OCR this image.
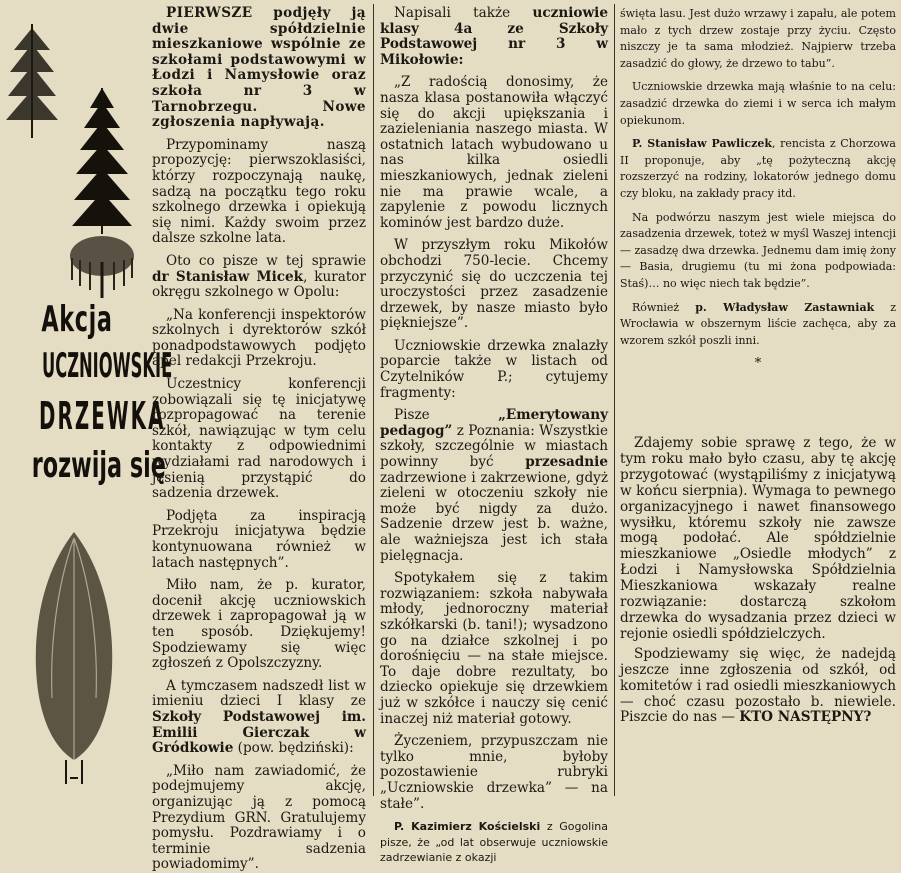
Akcja
UCZNIOWSKIE
DRZEWKA
rozwija się

PIERWSZE podjęły ją dwie spółdzielnie mieszkaniowe wspólnie ze szkołami podstawowymi w Łodzi i Namysłowie oraz szkoła nr 3 w Tarnobrzegu. Nowe zgłoszenia napływają.

Przypominamy naszą propozycję: pierwszoklasiści, którzy rozpoczynają naukę, sadzą na początku tego roku szkolnego drzewka i opiekują się nimi. Każdy swoim przez dalsze szkolne lata.

Oto co pisze w tej sprawie dr Stanisław Micek, kurator okręgu szkolnego w Opolu:

„Na konferencji inspektorów szkolnych i dyrektorów szkół ponadpodstawowych podjęto apel redakcji Przekroju.

Uczestnicy konferencji zobowiązali się tę inicjatywę rozpropagować na terenie szkół, nawiązując w tym celu kontakty z odpowiednimi wydziałami rad narodowych i jesienią przystąpić do sadzenia drzewek.

Podjęta za inspiracją Przekroju inicjatywa będzie kontynuowana również w latach następnych”.

Miło nam, że p. kurator, docenił akcję uczniowskich drzewek i zapropagował ją w ten sposób. Dziękujemy! Spodziewamy się więc zgłoszeń z Opolszczyzny.

A tymczasem nadszedł list w imieniu dzieci I klasy ze Szkoły Podstawowej im. Emilii Gierczak w Gródkowie (pow. będziński):

„Miło nam zawiadomić, że podejmujemy akcję, organizując ją z pomocą Prezydium GRN. Gratulujemy pomysłu. Pozdrawiamy i o terminie sadzenia powiadomimy”.

Napisali także uczniowie klasy 4a ze Szkoły Podstawowej nr 3 w Mikołowie:

„Z radością donosimy, że nasza klasa postanowiła włączyć się do akcji upiększania i zazieleniania naszego miasta. W ostatnich latach wybudowano u nas kilka osiedli mieszkaniowych, jednak zieleni nie ma prawie wcale, a zapylenie z powodu licznych kominów jest bardzo duże.

W przyszłym roku Mikołów obchodzi 750-lecie. Chcemy przyczynić się do uczczenia tej uroczystości przez zasadzenie drzewek, by nasze miasto było piękniejsze”.

Uczniowskie drzewka znalazły poparcie także w listach od Czytelników P.; cytujemy fragmenty:

Pisze „Emerytowany pedagog” z Poznania: Wszystkie szkoły, szczególnie w miastach powinny być przesadnie zadrzewione i zakrzewione, gdyż zieleni w otoczeniu szkoły nie może być nigdy za dużo. Sadzenie drzew jest b. ważne, ale ważniejsza jest ich stała pielęgnacja.

Spotykałem się z takim rozwiązaniem: szkoła nabywała młody, jednoroczny materiał szkółkarski (b. tani!); wysadzono go na działce szkolnej i po dorośnięciu — na stałe miejsce. To daje dobre rezultaty, bo dziecko opiekuje się drzewkiem już w szkółce i nauczy się cenić inaczej niż materiał gotowy.

Życzeniem, przypuszczam nie tylko mnie, byłoby pozostawienie rubryki „Uczniowskie drzewka” — na stałe”.

P. Kazimierz Kościelski z Gogolina pisze, że „od lat obserwuje uczniowskie zadrzewianie z okazji

święta lasu. Jest dużo wrzawy i zapału, ale potem mało z tych drzew zostaje przy życiu. Często niszczy je ta sama młodzież. Najpierw trzeba zasadzić do głowy, że drzewo to tabu”.

Uczniowskie drzewka mają właśnie to na celu: zasadzić drzewka do ziemi i w serca ich małym opiekunom.

P. Stanisław Pawliczek, rencista z Chorzowa II proponuje, aby „tę pożyteczną akcję rozszerzyć na rodziny, lokatorów jednego domu czy bloku, na zakłady pracy itd.

Na podwórzu naszym jest wiele miejsca do zasadzenia drzewek, toteż w myśl Waszej intencji — zasadzę dwa drzewka. Jednemu dam imię żony — Basia, drugiemu (tu mi żona podpowiada: Staś)… no więc niech tak będzie”.

Również p. Władysław Zastawniak z Wrocławia w obszernym liście zachęca, aby za wzorem szkół poszli inni.

*

Zdajemy sobie sprawę z tego, że w tym roku mało było czasu, aby tę akcję przygotować (wystąpiliśmy z inicjatywą w końcu sierpnia). Wymaga to pewnego organizacyjnego i nawet finansowego wysiłku, któremu szkoły nie zawsze mogą podołać. Ale spółdzielnie mieszkaniowe „Osiedle młodych” z Łodzi i Namysłowska Spółdzielnia Mieszkaniowa wskazały realne rozwiązanie: dostarczą szkołom drzewka do wysadzania przez dzieci w rejonie osiedli spółdzielczych.

Spodziewamy się więc, że nadejdą jeszcze inne zgłoszenia od szkół, od komitetów i rad osiedli mieszkaniowych — choć czasu pozostało b. niewiele. Piszcie do nas — KTO NASTĘPNY?
